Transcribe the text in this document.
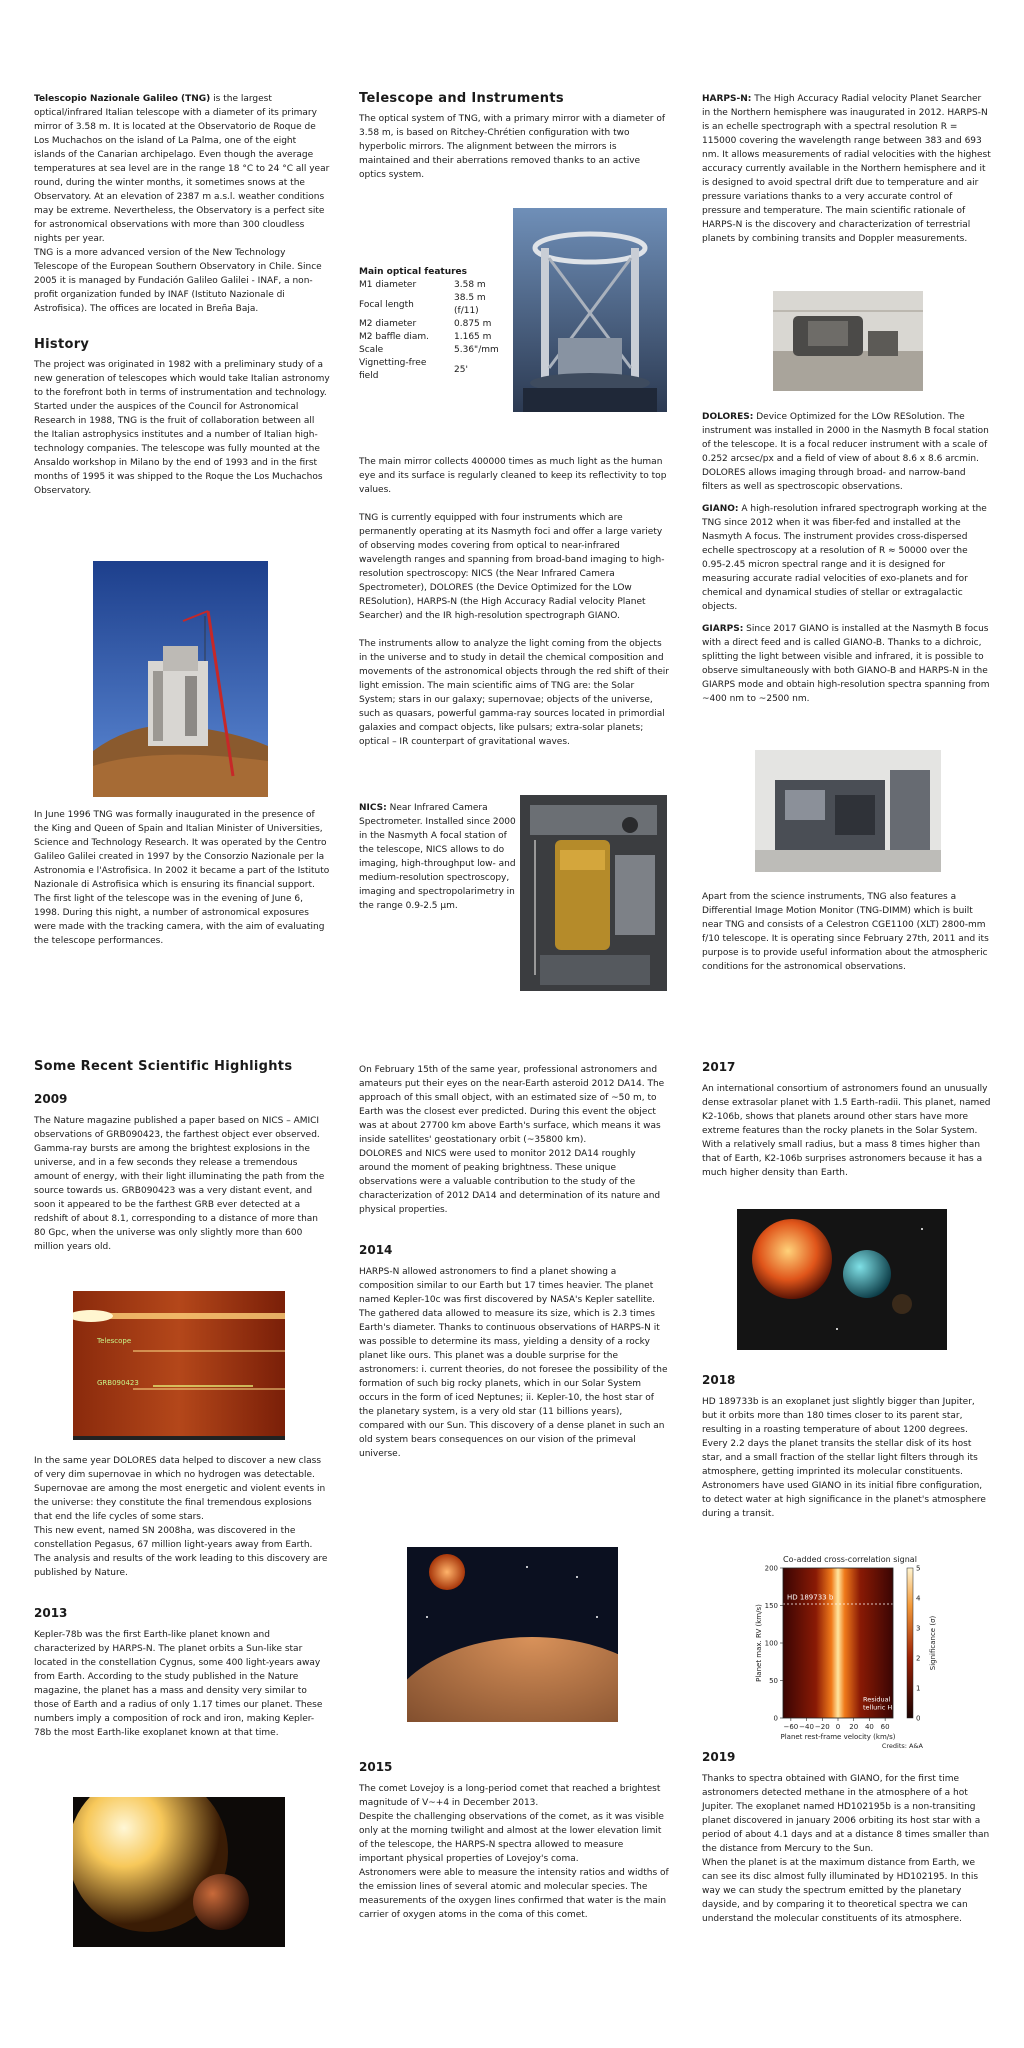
Telescopio Nazionale Galileo (TNG) is the largest optical/infrared Italian telescope with a diameter of its primary mirror of 3.58 m. It is located at the Observatorio de Roque de Los Muchachos on the island of La Palma, one of the eight islands of the Canarian archipelago. Even though the average temperatures at sea level are in the range 18 °C to 24 °C all year round, during the winter months, it sometimes snows at the Observatory. At an elevation of 2387 m a.s.l. weather conditions may be extreme. Nevertheless, the Observatory is a perfect site for astronomical observations with more than 300 cloudless nights per year.

TNG is a more advanced version of the New Technology Telescope of the European Southern Observatory in Chile. Since 2005 it is managed by Fundación Galileo Galilei - INAF, a non-profit organization funded by INAF (Istituto Nazionale di Astrofisica). The offices are located in Breña Baja.

History

The project was originated in 1982 with a preliminary study of a new generation of telescopes which would take Italian astronomy to the forefront both in terms of instrumentation and technology. Started under the auspices of the Council for Astronomical Research in 1988, TNG is the fruit of collaboration between all the Italian astrophysics institutes and a number of Italian high-technology companies. The telescope was fully mounted at the Ansaldo workshop in Milano by the end of 1993 and in the first months of 1995 it was shipped to the Roque the Los Muchachos Observatory.

In June 1996 TNG was formally inaugurated in the presence of the King and Queen of Spain and Italian Minister of Universities, Science and Technology Research. It was operated by the Centro Galileo Galilei created in 1997 by the Consorzio Nazionale per la Astronomia e l'Astrofisica. In 2002 it became a part of the Istituto Nazionale di Astrofisica which is ensuring its financial support. The first light of the telescope was in the evening of June 6, 1998. During this night, a number of astronomical exposures were made with the tracking camera, with the aim of evaluating the telescope performances.

Telescope and Instruments

The optical system of TNG, with a primary mirror with a diameter of 3.58 m, is based on Ritchey-Chrétien configuration with two hyperbolic mirrors. The alignment between the mirrors is maintained and their aberrations removed thanks to an active optics system.

Main optical features
M1 diameter	3.58 m
Focal length	38.5 m (f/11)
M2 diameter	0.875 m
M2 baffle diam.	1.165 m
Scale	5.36"/mm
Vignetting-free field	25'

The main mirror collects 400000 times as much light as the human eye and its surface is regularly cleaned to keep its reflectivity to top values.

TNG is currently equipped with four instruments which are permanently operating at its Nasmyth foci and offer a large variety of observing modes covering from optical to near-infrared wavelength ranges and spanning from broad-band imaging to high-resolution spectroscopy: NICS (the Near Infrared Camera Spectrometer), DOLORES (the Device Optimized for the LOw RESolution), HARPS-N (the High Accuracy Radial velocity Planet Searcher) and the IR high-resolution spectrograph GIANO.

The instruments allow to analyze the light coming from the objects in the universe and to study in detail the chemical composition and movements of the astronomical objects through the red shift of their light emission. The main scientific aims of TNG are: the Solar System; stars in our galaxy; supernovae; objects of the universe, such as quasars, powerful gamma-ray sources located in primordial galaxies and compact objects, like pulsars; extra-solar planets; optical – IR counterpart of gravitational waves.

NICS: Near Infrared Camera Spectrometer. Installed since 2000 in the Nasmyth A focal station of the telescope, NICS allows to do imaging, high-throughput low- and medium-resolution spectroscopy, imaging and spectropolarimetry in the range 0.9-2.5 μm.

HARPS-N: The High Accuracy Radial velocity Planet Searcher in the Northern hemisphere was inaugurated in 2012. HARPS-N is an echelle spectrograph with a spectral resolution R = 115000 covering the wavelength range between 383 and 693 nm. It allows measurements of radial velocities with the highest accuracy currently available in the Northern hemisphere and it is designed to avoid spectral drift due to temperature and air pressure variations thanks to a very accurate control of pressure and temperature. The main scientific rationale of HARPS-N is the discovery and characterization of terrestrial planets by combining transits and Doppler measurements.

DOLORES: Device Optimized for the LOw RESolution. The instrument was installed in 2000 in the Nasmyth B focal station of the telescope. It is a focal reducer instrument with a scale of 0.252 arcsec/px and a field of view of about 8.6 x 8.6 arcmin. DOLORES allows imaging through broad- and narrow-band filters as well as spectroscopic observations.

GIANO: A high-resolution infrared spectrograph working at the TNG since 2012 when it was fiber-fed and installed at the Nasmyth A focus. The instrument provides cross-dispersed echelle spectroscopy at a resolution of R ≈ 50000 over the 0.95-2.45 micron spectral range and it is designed for measuring accurate radial velocities of exo-planets and for chemical and dynamical studies of stellar or extragalactic objects.

GIARPS: Since 2017 GIANO is installed at the Nasmyth B focus with a direct feed and is called GIANO-B. Thanks to a dichroic, splitting the light between visible and infrared, it is possible to observe simultaneously with both GIANO-B and HARPS-N in the GIARPS mode and obtain high-resolution spectra spanning from ~400 nm to ~2500 nm.

Apart from the science instruments, TNG also features a Differential Image Motion Monitor (TNG-DIMM) which is built near TNG and consists of a Celestron CGE1100 (XLT) 2800-mm f/10 telescope. It is operating since February 27th, 2011 and its purpose is to provide useful information about the atmospheric conditions for the astronomical observations.

Some Recent Scientific Highlights
2009

The Nature magazine published a paper based on NICS – AMICI observations of GRB090423, the farthest object ever observed. Gamma-ray bursts are among the brightest explosions in the universe, and in a few seconds they release a tremendous amount of energy, with their light illuminating the path from the source towards us. GRB090423 was a very distant event, and soon it appeared to be the farthest GRB ever detected at a redshift of about 8.1, corresponding to a distance of more than 80 Gpc, when the universe was only slightly more than 600 million years old.

Telescope
GRB090423

In the same year DOLORES data helped to discover a new class of very dim supernovae in which no hydrogen was detectable. Supernovae are among the most energetic and violent events in the universe: they constitute the final tremendous explosions that end the life cycles of some stars.

This new event, named SN 2008ha, was discovered in the constellation Pegasus, 67 million light-years away from Earth. The analysis and results of the work leading to this discovery are published by Nature.

2013

Kepler-78b was the first Earth-like planet known and characterized by HARPS-N. The planet orbits a Sun-like star located in the constellation Cygnus, some 400 light-years away from Earth. According to the study published in the Nature magazine, the planet has a mass and density very similar to those of Earth and a radius of only 1.17 times our planet. These numbers imply a composition of rock and iron, making Kepler-78b the most Earth-like exoplanet known at that time.

On February 15th of the same year, professional astronomers and amateurs put their eyes on the near-Earth asteroid 2012 DA14. The approach of this small object, with an estimated size of ~50 m, to Earth was the closest ever predicted. During this event the object was at about 27700 km above Earth's surface, which means it was inside satellites' geostationary orbit (~35800 km).

DOLORES and NICS were used to monitor 2012 DA14 roughly around the moment of peaking brightness. These unique observations were a valuable contribution to the study of the characterization of 2012 DA14 and determination of its nature and physical properties.

2014

HARPS-N allowed astronomers to find a planet showing a composition similar to our Earth but 17 times heavier. The planet named Kepler-10c was first discovered by NASA's Kepler satellite. The gathered data allowed to measure its size, which is 2.3 times Earth's diameter. Thanks to continuous observations of HARPS-N it was possible to determine its mass, yielding a density of a rocky planet like ours. This planet was a double surprise for the astronomers: i. current theories, do not foresee the possibility of the formation of such big rocky planets, which in our Solar System occurs in the form of iced Neptunes; ii. Kepler-10, the host star of the planetary system, is a very old star (11 billions years), compared with our Sun. This discovery of a dense planet in such an old system bears consequences on our vision of the primeval universe.

2015

The comet Lovejoy is a long-period comet that reached a brightest magnitude of V~+4 in December 2013.

Despite the challenging observations of the comet, as it was visible only at the morning twilight and almost at the lower elevation limit of the telescope, the HARPS-N spectra allowed to measure important physical properties of Lovejoy's coma.

Astronomers were able to measure the intensity ratios and widths of the emission lines of several atomic and molecular species. The measurements of the oxygen lines confirmed that water is the main carrier of oxygen atoms in the coma of this comet.

2017

An international consortium of astronomers found an unusually dense extrasolar planet with 1.5 Earth-radii. This planet, named K2-106b, shows that planets around other stars have more extreme features than the rocky planets in the Solar System.

With a relatively small radius, but a mass 8 times higher than that of Earth, K2-106b surprises astronomers because it has a much higher density than Earth.

2018

HD 189733b is an exoplanet just slightly bigger than Jupiter, but it orbits more than 180 times closer to its parent star, resulting in a roasting temperature of about 1200 degrees. Every 2.2 days the planet transits the stellar disk of its host star, and a small fraction of the stellar light filters through its atmosphere, getting imprinted its molecular constituents. Astronomers have used GIANO in its initial fibre configuration, to detect water at high significance in the planet's atmosphere during a transit.

Co-added cross-correlation signal
HD 189733 b
Residual
telluric H₂O
−60 −40 −20 0 20 40 60
0
50
100
150
200
Planet rest-frame velocity (km/s)
Planet max. RV (km/s)
0
1
2
3
4
5
Significance (σ)
Credits: A&A
2019

Thanks to spectra obtained with GIANO, for the first time astronomers detected methane in the atmosphere of a hot Jupiter. The exoplanet named HD102195b is a non-transiting planet discovered in january 2006 orbiting its host star with a period of about 4.1 days and at a distance 8 times smaller than the distance from Mercury to the Sun.

When the planet is at the maximum distance from Earth, we can see its disc almost fully illuminated by HD102195. In this way we can study the spectrum emitted by the planetary dayside, and by comparing it to theoretical spectra we can understand the molecular constituents of its atmosphere.
